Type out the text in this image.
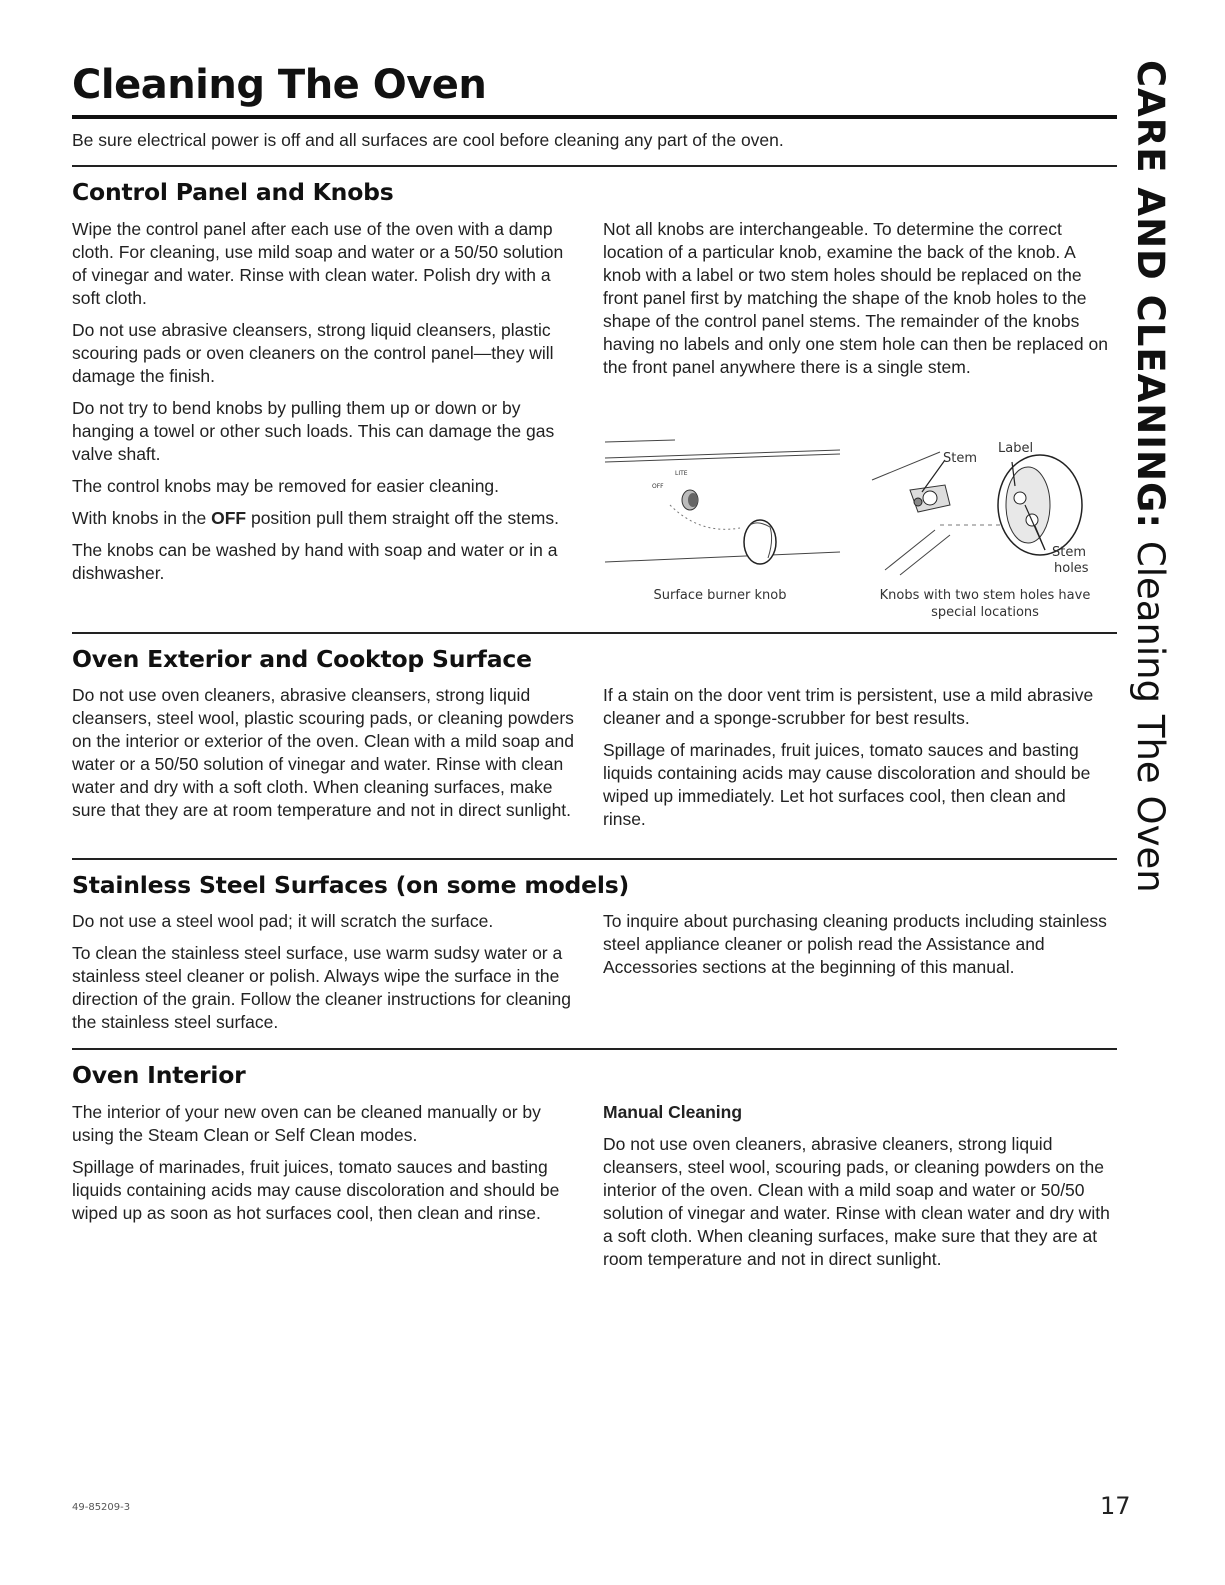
Cleaning The Oven

Be sure electrical power is off and all surfaces are cool before cleaning any part of the oven.	CARE AND CLEANING: Cleaning The Oven
Control Panel and Knobs

Wipe the control panel after each use of the oven with a damp cloth. For cleaning, use mild soap and water or a 50/50 solution of vinegar and water. Rinse with clean water. Polish dry with a soft cloth.

Do not use abrasive cleansers, strong liquid cleansers, plastic scouring pads or oven cleaners on the control panel—they will damage the finish.

Do not try to bend knobs by pulling them up or down or by hanging a towel or other such loads. This can damage the gas valve shaft.

The control knobs may be removed for easier cleaning.

With knobs in the OFF position pull them straight off the stems.

The knobs can be washed by hand with soap and water or in a dishwasher.

Not all knobs are interchangeable. To determine the correct location of a particular knob, examine the back of the knob. A knob with a label or two stem holes should be replaced on the front panel first by matching the shape of the knob holes to the shape of the control panel stems. The remainder of the knobs having no labels and only one stem hole can then be replaced on the front panel anywhere there is a single stem.

OFF
LITE
Stem
Label
Stem
holes
Surface burner knob	Knobs with two stem holes have
special locations
Oven Exterior and Cooktop Surface

Do not use oven cleaners, abrasive cleansers, strong liquid cleansers, steel wool, plastic scouring pads, or cleaning powders on the interior or exterior of the oven. Clean with a mild soap and water or a 50/50 solution of vinegar and water. Rinse with clean water and dry with a soft cloth. When cleaning surfaces, make sure that they are at room temperature and not in direct sunlight.

If a stain on the door vent trim is persistent, use a mild abrasive cleaner and a sponge-scrubber for best results.

Spillage of marinades, fruit juices, tomato sauces and basting liquids containing acids may cause discoloration and should be wiped up immediately. Let hot surfaces cool, then clean and rinse.

Stainless Steel Surfaces (on some models)

Do not use a steel wool pad; it will scratch the surface.

To clean the stainless steel surface, use warm sudsy water or a stainless steel cleaner or polish. Always wipe the surface in the direction of the grain. Follow the cleaner instructions for cleaning the stainless steel surface.

To inquire about purchasing cleaning products including stainless steel appliance cleaner or polish read the Assistance and Accessories sections at the beginning of this manual.

Oven Interior

The interior of your new oven can be cleaned manually or by using the Steam Clean or Self Clean modes.

Spillage of marinades, fruit juices, tomato sauces and basting liquids containing acids may cause discoloration and should be wiped up as soon as hot surfaces cool, then clean and rinse.

Manual Cleaning

Do not use oven cleaners, abrasive cleaners, strong liquid cleansers, steel wool, scouring pads, or cleaning powders on the interior of the oven. Clean with a mild soap and water or 50/50 solution of vinegar and water. Rinse with clean water and dry with a soft cloth. When cleaning surfaces, make sure that they are at room temperature and not in direct sunlight.

49-85209-3	17
